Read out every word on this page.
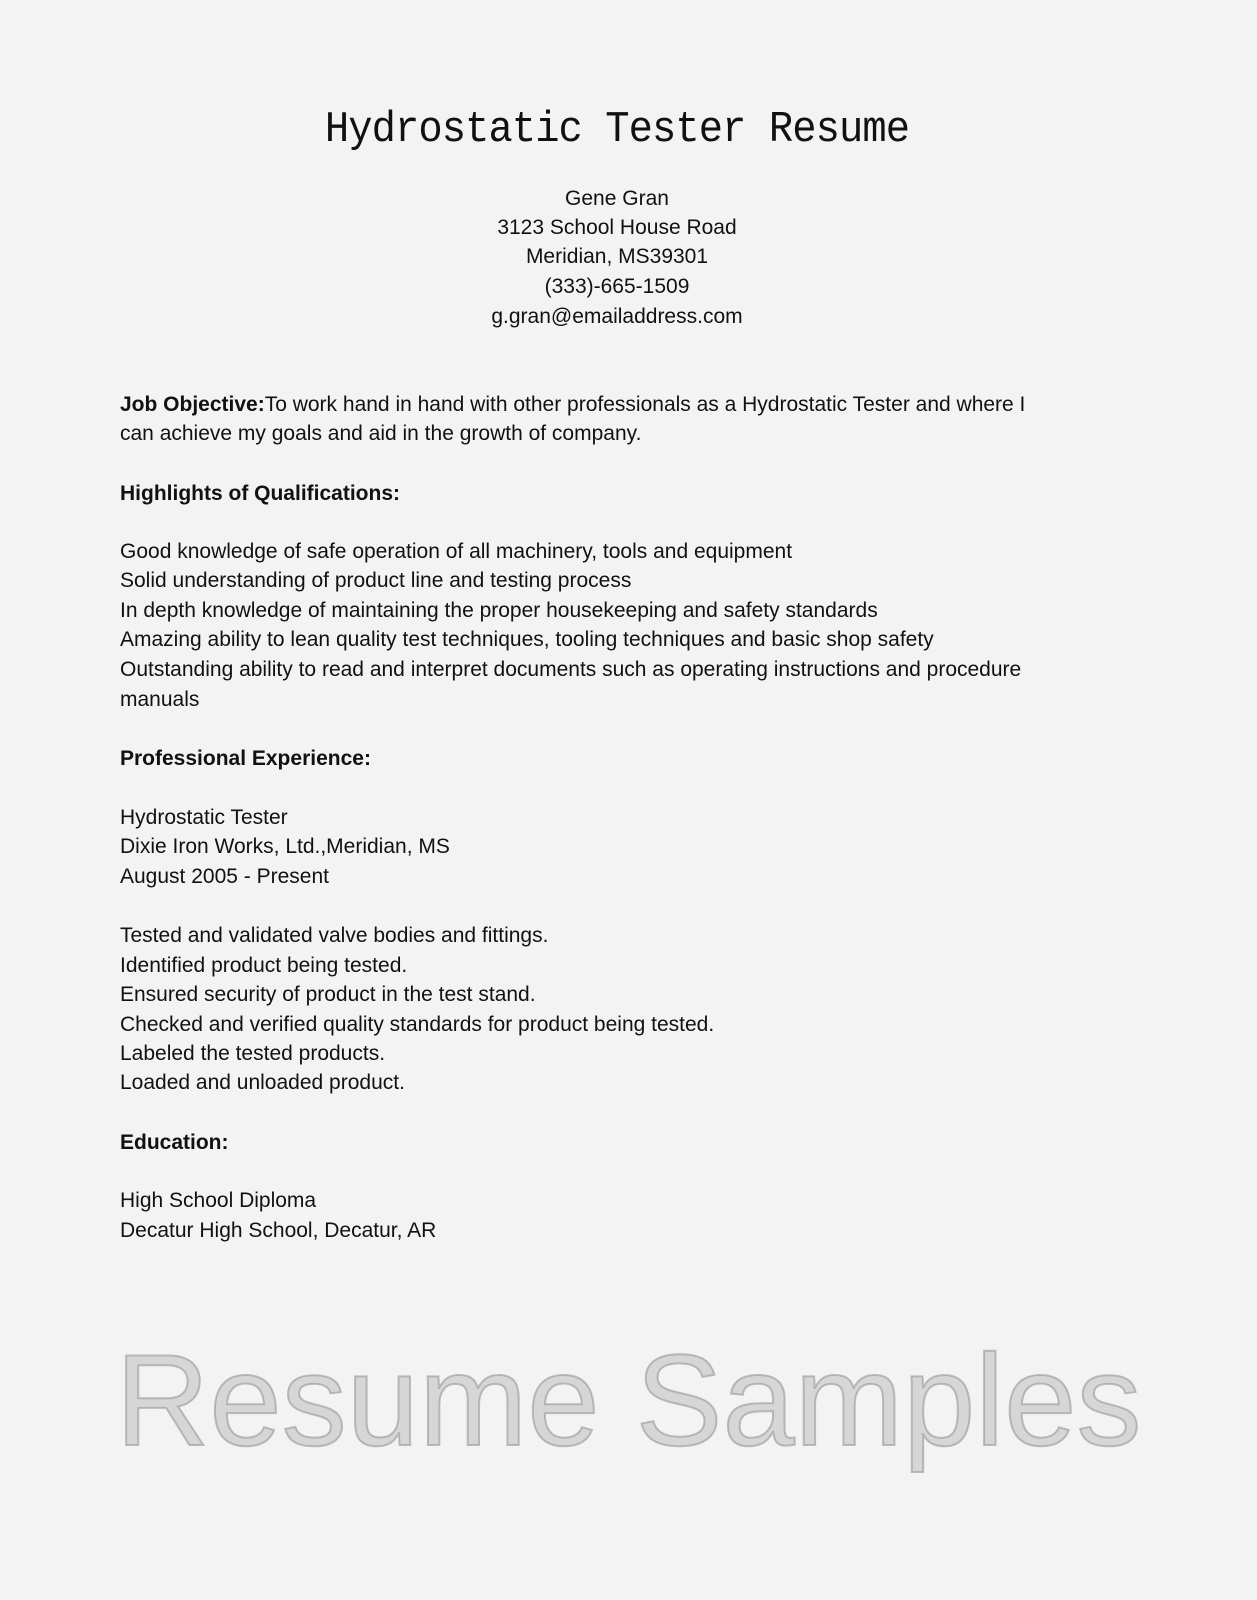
Hydrostatic Tester Resume
Gene Gran
3123 School House Road
Meridian, MS39301
(333)-665-1509
g.gran@emailaddress.com
Job Objective:To work hand in hand with other professionals as a Hydrostatic Tester and where I
can achieve my goals and aid in the growth of company.
Highlights of Qualifications:
Good knowledge of safe operation of all machinery, tools and equipment
Solid understanding of product line and testing process
In depth knowledge of maintaining the proper housekeeping and safety standards
Amazing ability to lean quality test techniques, tooling techniques and basic shop safety
Outstanding ability to read and interpret documents such as operating instructions and procedure
manuals
Professional Experience:
Hydrostatic Tester
Dixie Iron Works, Ltd.,Meridian, MS
August 2005 - Present
Tested and validated valve bodies and fittings.
Identified product being tested.
Ensured security of product in the test stand.
Checked and verified quality standards for product being tested.
Labeled the tested products.
Loaded and unloaded product.
Education:
High School Diploma
Decatur High School, Decatur, AR
Resume Samples
